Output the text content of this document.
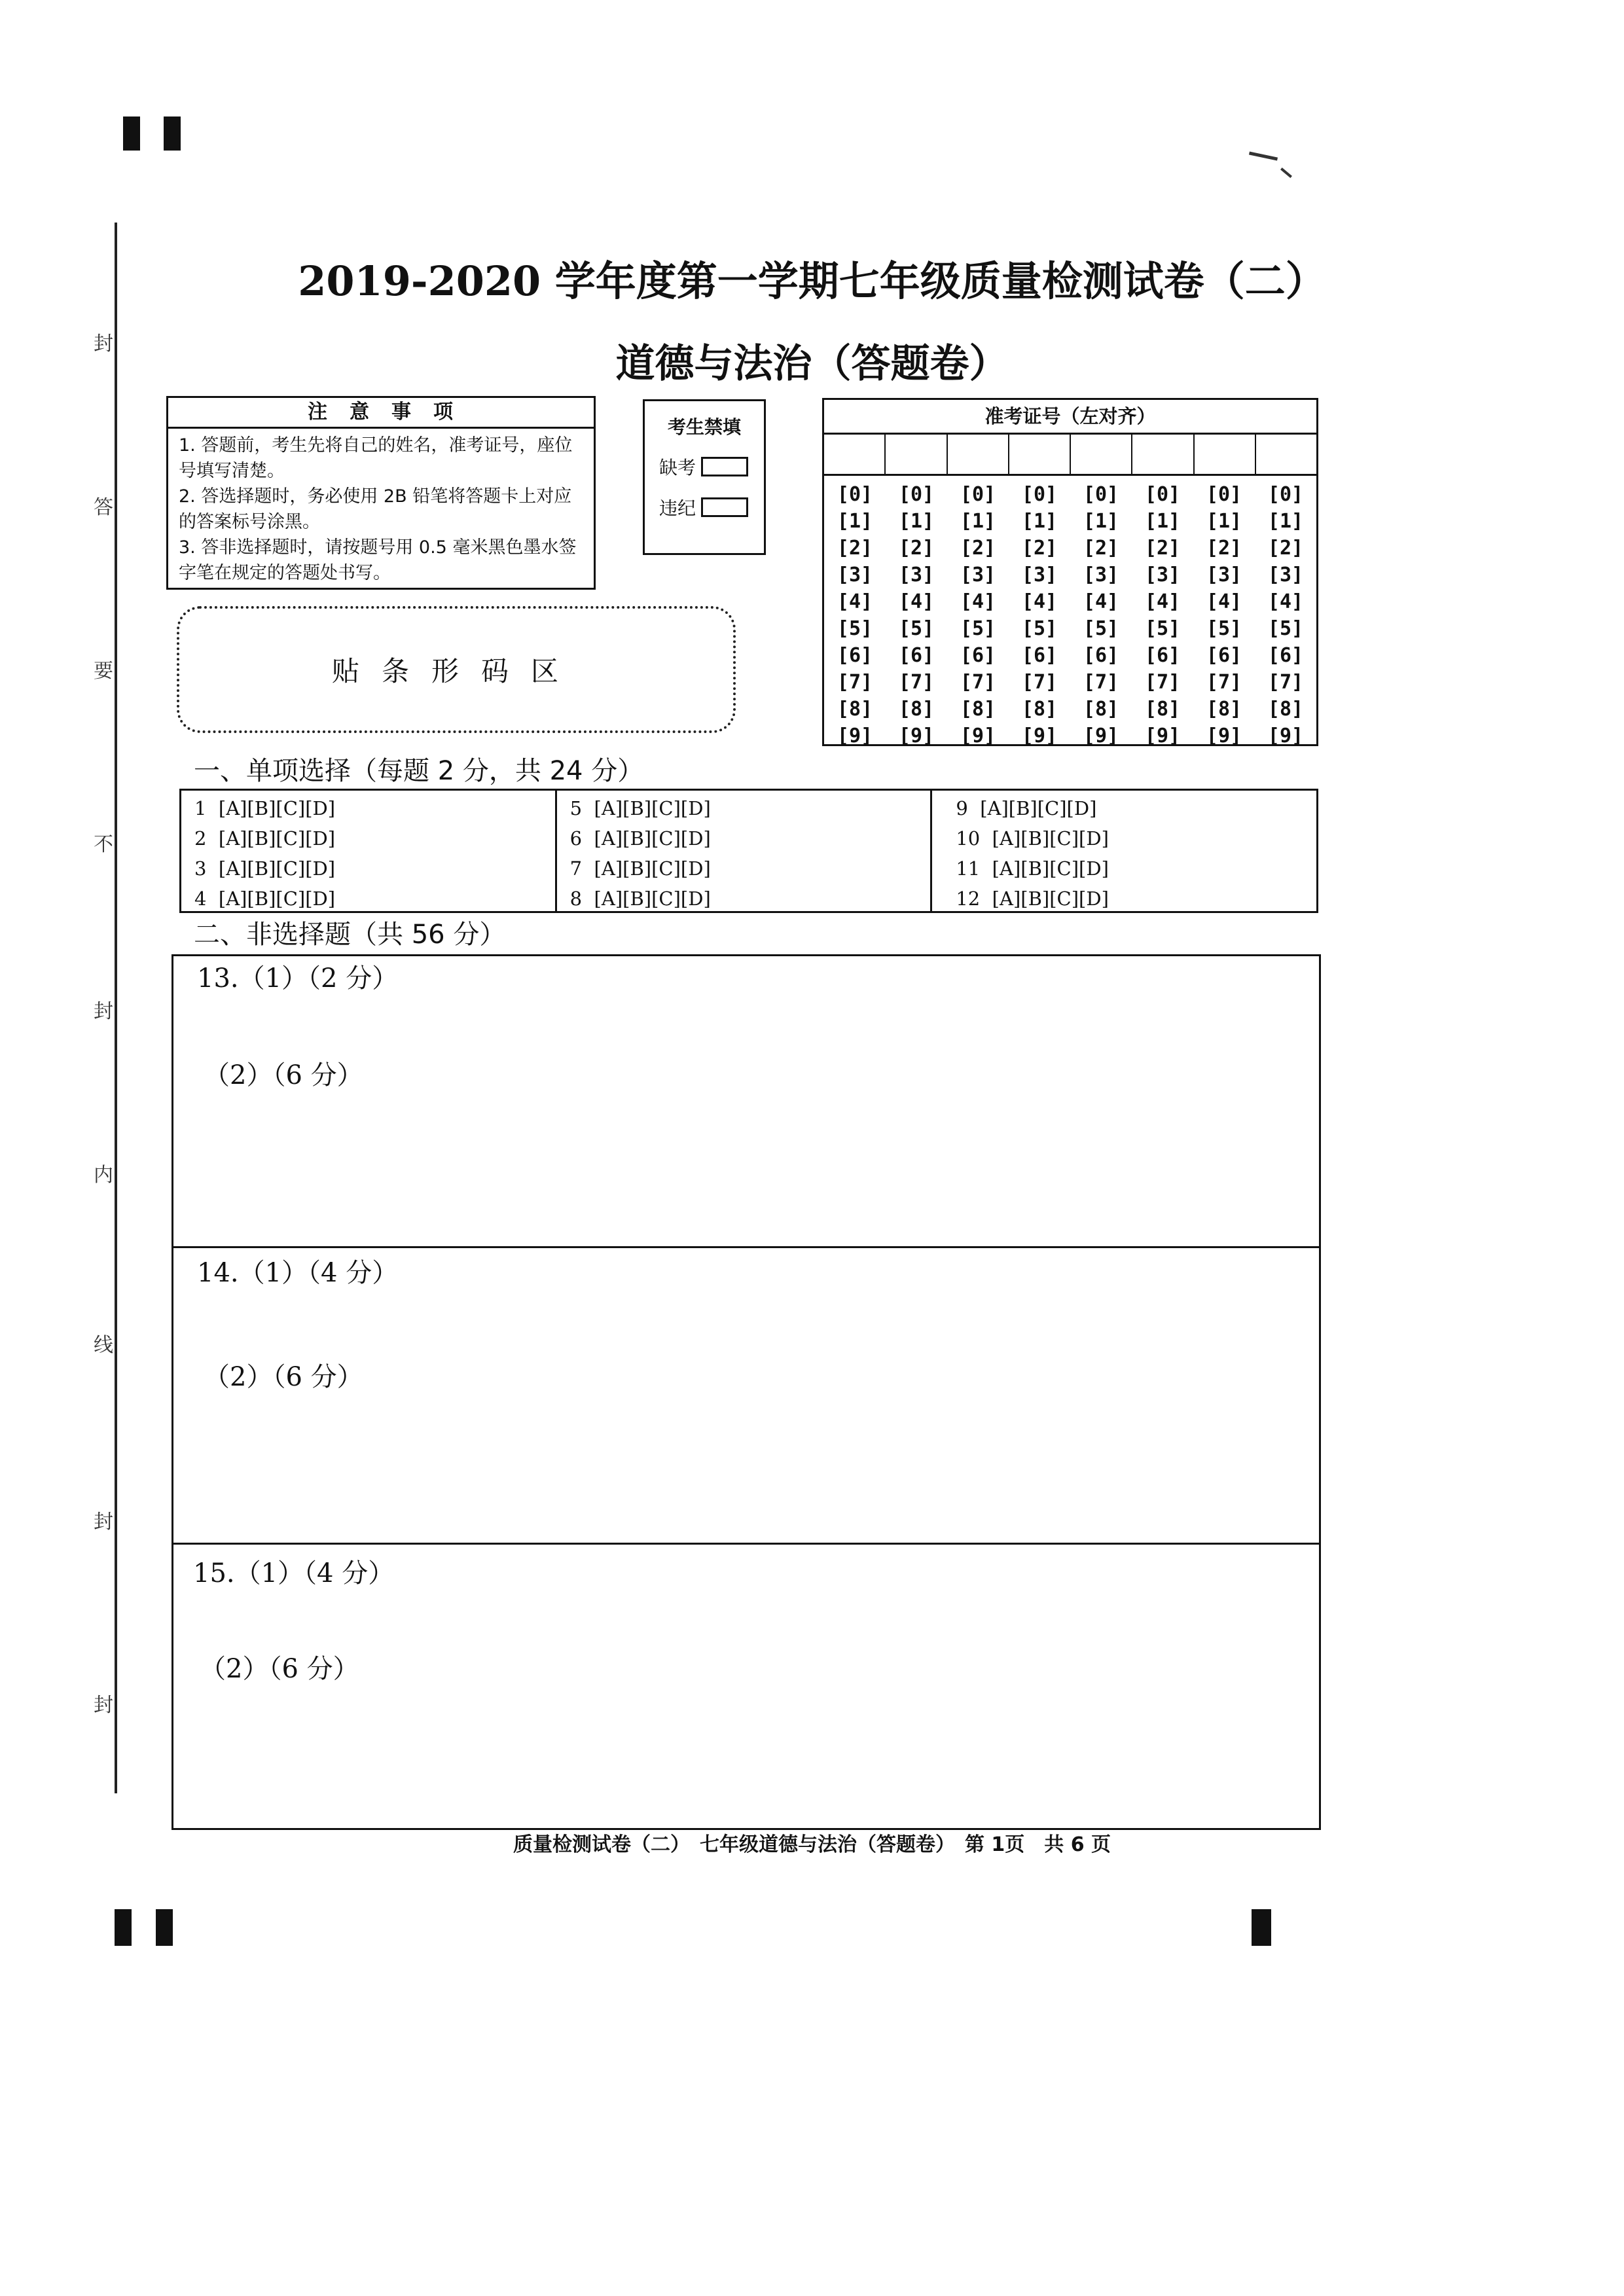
封
答
要
不
封
内
线
封
封
2019-2020 学年度第一学期七年级质量检测试卷（二）
道德与法治（答题卷）
注　意　事　项
1. 答题前，考生先将自己的姓名，准考证号，座位号填写清楚。
2. 答选择题时，务必使用 2B 铅笔将答题卡上对应的答案标号涂黑。
3. 答非选择题时，请按题号用 0.5 毫米黑色墨水签字笔在规定的答题处书写。
考生禁填
缺考
违纪
贴条形码区
准考证号（左对齐）
[0]
[1]
[2]
[3]
[4]
[5]
[6]
[7]
[8]
[9]
[0]
[1]
[2]
[3]
[4]
[5]
[6]
[7]
[8]
[9]
[0]
[1]
[2]
[3]
[4]
[5]
[6]
[7]
[8]
[9]
[0]
[1]
[2]
[3]
[4]
[5]
[6]
[7]
[8]
[9]
[0]
[1]
[2]
[3]
[4]
[5]
[6]
[7]
[8]
[9]
[0]
[1]
[2]
[3]
[4]
[5]
[6]
[7]
[8]
[9]
[0]
[1]
[2]
[3]
[4]
[5]
[6]
[7]
[8]
[9]
[0]
[1]
[2]
[3]
[4]
[5]
[6]
[7]
[8]
[9]
一、单项选择（每题 2 分，共 24 分）
1  [A][B][C][D]
2  [A][B][C][D]
3  [A][B][C][D]
4  [A][B][C][D]
5  [A][B][C][D]
6  [A][B][C][D]
7  [A][B][C][D]
8  [A][B][C][D]
9  [A][B][C][D]
10  [A][B][C][D]
11  [A][B][C][D]
12  [A][B][C][D]
二、非选择题（共 56 分）
13.（1）（2 分）
（2）（6 分）
14.（1）（4 分）
（2）（6 分）
15.（1）（4 分）
（2）（6 分）
质量检测试卷（二）　七年级道德与法治（答题卷）　第 1页　共 6 页
